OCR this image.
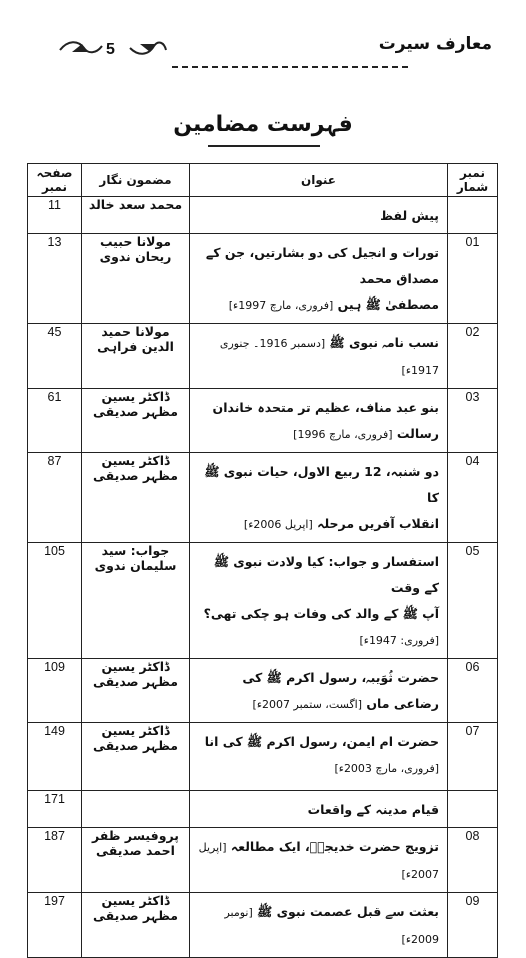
5	معارف سیرت
فہرست مضامین
نمبر شمار	عنوان	مضمون نگار	صفحہ نمبر

	پیش لفظ	محمد سعد خالد	11
01	تورات و انجیل کی دو بشارتیں، جن کے مصداق محمد
مصطفیٰ ﷺ ہیں [فروری، مارچ 1997ء]	مولانا حبیب ریحان ندوی	13
02	نسب نامہ نبوی ﷺ [دسمبر 1916۔ جنوری 1917ء]	مولانا حمید الدین فراہی	45
03	بنو عبد مناف، عظیم تر متحدہ خاندان رسالت [فروری، مارچ 1996]	ڈاکٹر یسین مظہر صدیقی	61
04	دو شنبہ، 12 ربیع الاول، حیات نبوی ﷺ کا
انقلاب آفریں مرحلہ [اپریل 2006ء]	ڈاکٹر یسین مظہر صدیقی	87
05	استفسار و جواب: کیا ولادت نبوی ﷺ کے وقت
آپ ﷺ کے والد کی وفات ہو چکی تھی؟ [فروری: 1947ء]	جواب: سید سلیمان ندوی	105
06	حضرت ثُوَیبہ، رسول اکرم ﷺ کی رضاعی ماں [اگست، ستمبر 2007ء]	ڈاکٹر یسین مظہر صدیقی	109
07	حضرت ام ایمن، رسول اکرم ﷺ کی انا [فروری، مارچ 2003ء]	ڈاکٹر یسین مظہر صدیقی	149

	قیام مدینہ کے واقعات		171
08	تزویج حضرت خدیجہؓ، ایک مطالعہ [اپریل 2007ء]	پروفیسر ظفر احمد صدیقی	187
09	بعثت سے قبل عصمت نبوی ﷺ [نومبر 2009ء]	ڈاکٹر یسین مظہر صدیقی	197
